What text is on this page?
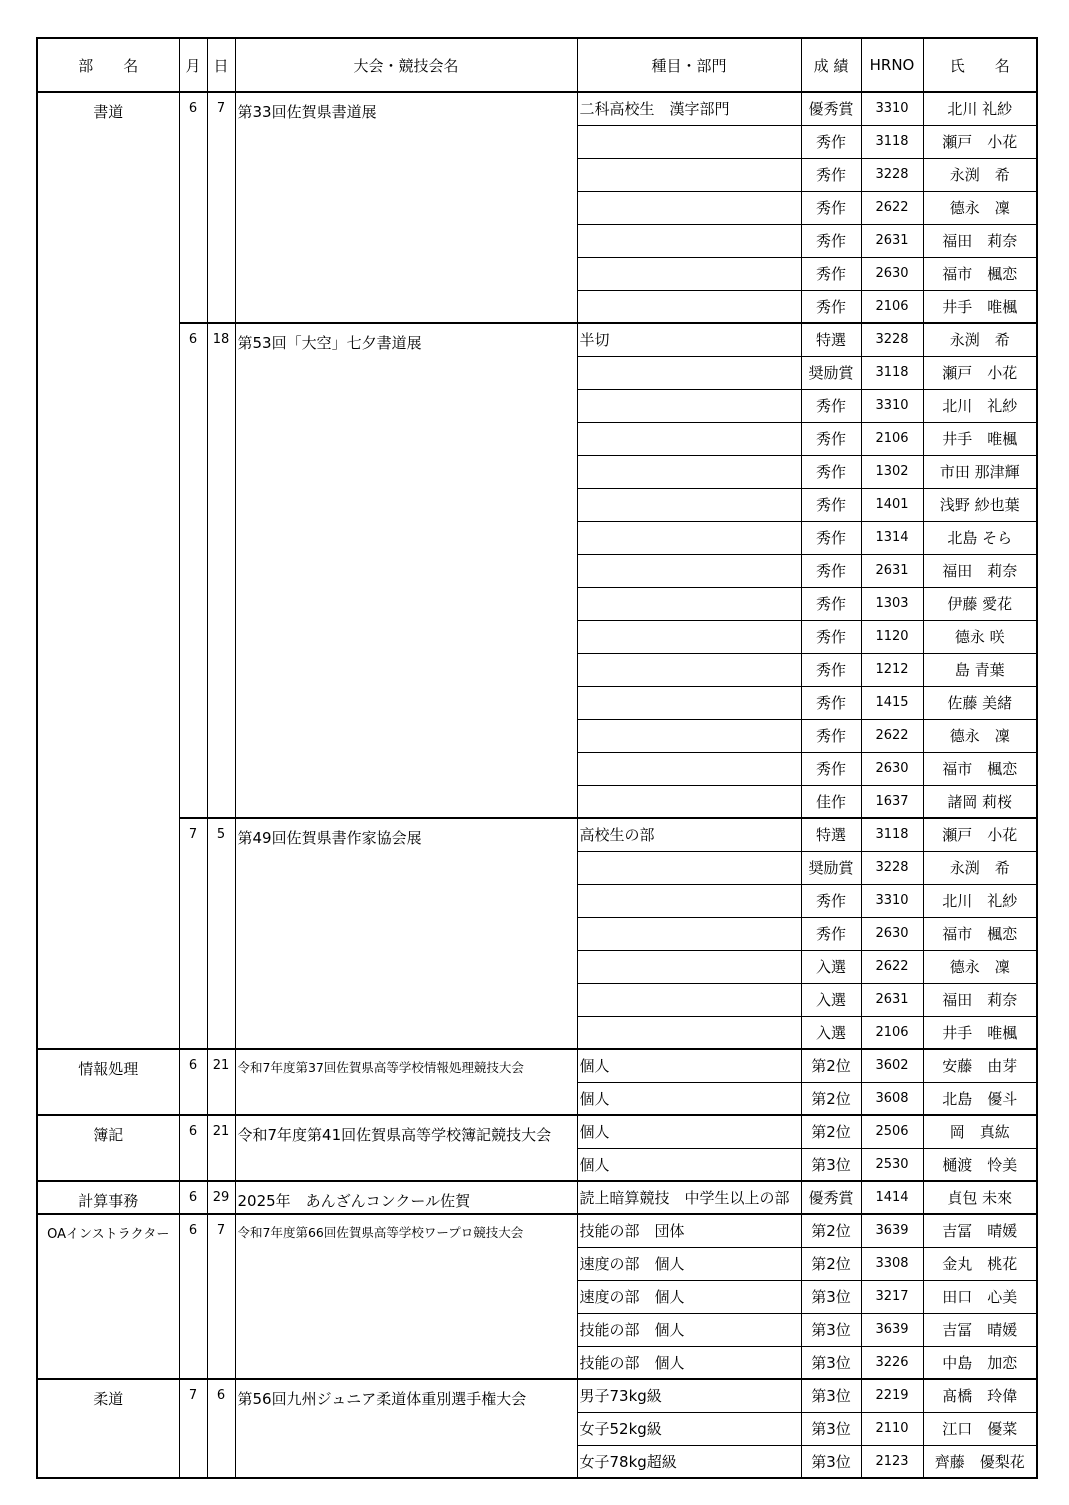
部　　名	月	日	大会・競技会名	種目・部門	成 績	HRNO	氏　　名
書道	6	7	第33回佐賀県書道展	二科高校生　漢字部門	優秀賞	3310	北川 礼紗
					秀作	3118	瀬戸　小花
					秀作	3228	永渕　希
					秀作	2622	德永　凜
					秀作	2631	福田　莉奈
					秀作	2630	福市　楓恋
					秀作	2106	井手　唯楓
	6	18	第53回「大空」七夕書道展	半切	特選	3228	永渕　希
					奨励賞	3118	瀬戸　小花
					秀作	3310	北川　礼紗
					秀作	2106	井手　唯楓
					秀作	1302	市田 那津輝
					秀作	1401	浅野 紗也葉
					秀作	1314	北島 そら
					秀作	2631	福田　莉奈
					秀作	1303	伊藤 愛花
					秀作	1120	德永 咲
					秀作	1212	島 青葉
					秀作	1415	佐藤 美緒
					秀作	2622	德永　凜
					秀作	2630	福市　楓恋
					佳作	1637	諸岡 莉桜
	7	5	第49回佐賀県書作家協会展	高校生の部	特選	3118	瀬戸　小花
					奨励賞	3228	永渕　希
					秀作	3310	北川　礼紗
					秀作	2630	福市　楓恋
					入選	2622	德永　凜
					入選	2631	福田　莉奈
					入選	2106	井手　唯楓
情報処理	6	21	令和7年度第37回佐賀県高等学校情報処理競技大会	個人	第2位	3602	安藤　由芽
				個人	第2位	3608	北島　優斗
簿記	6	21	令和7年度第41回佐賀県高等学校簿記競技大会	個人	第2位	2506	岡　真紘
				個人	第3位	2530	樋渡　怜美
計算事務	6	29	2025年　あんざんコンクール佐賀	読上暗算競技　中学生以上の部	優秀賞	1414	貞包 未來
OAインストラクター	6	7	令和7年度第66回佐賀県高等学校ワープロ競技大会	技能の部　団体	第2位	3639	吉冨　晴媛
				速度の部　個人	第2位	3308	金丸　桃花
				速度の部　個人	第3位	3217	田口　心美
				技能の部　個人	第3位	3639	吉冨　晴媛
				技能の部　個人	第3位	3226	中島　加恋
柔道	7	6	第56回九州ジュニア柔道体重別選手権大会	男子73kg級	第3位	2219	髙橋　玲偉
				女子52kg級	第3位	2110	江口　優菜
				女子78kg超級	第3位	2123	齊藤　優梨花
